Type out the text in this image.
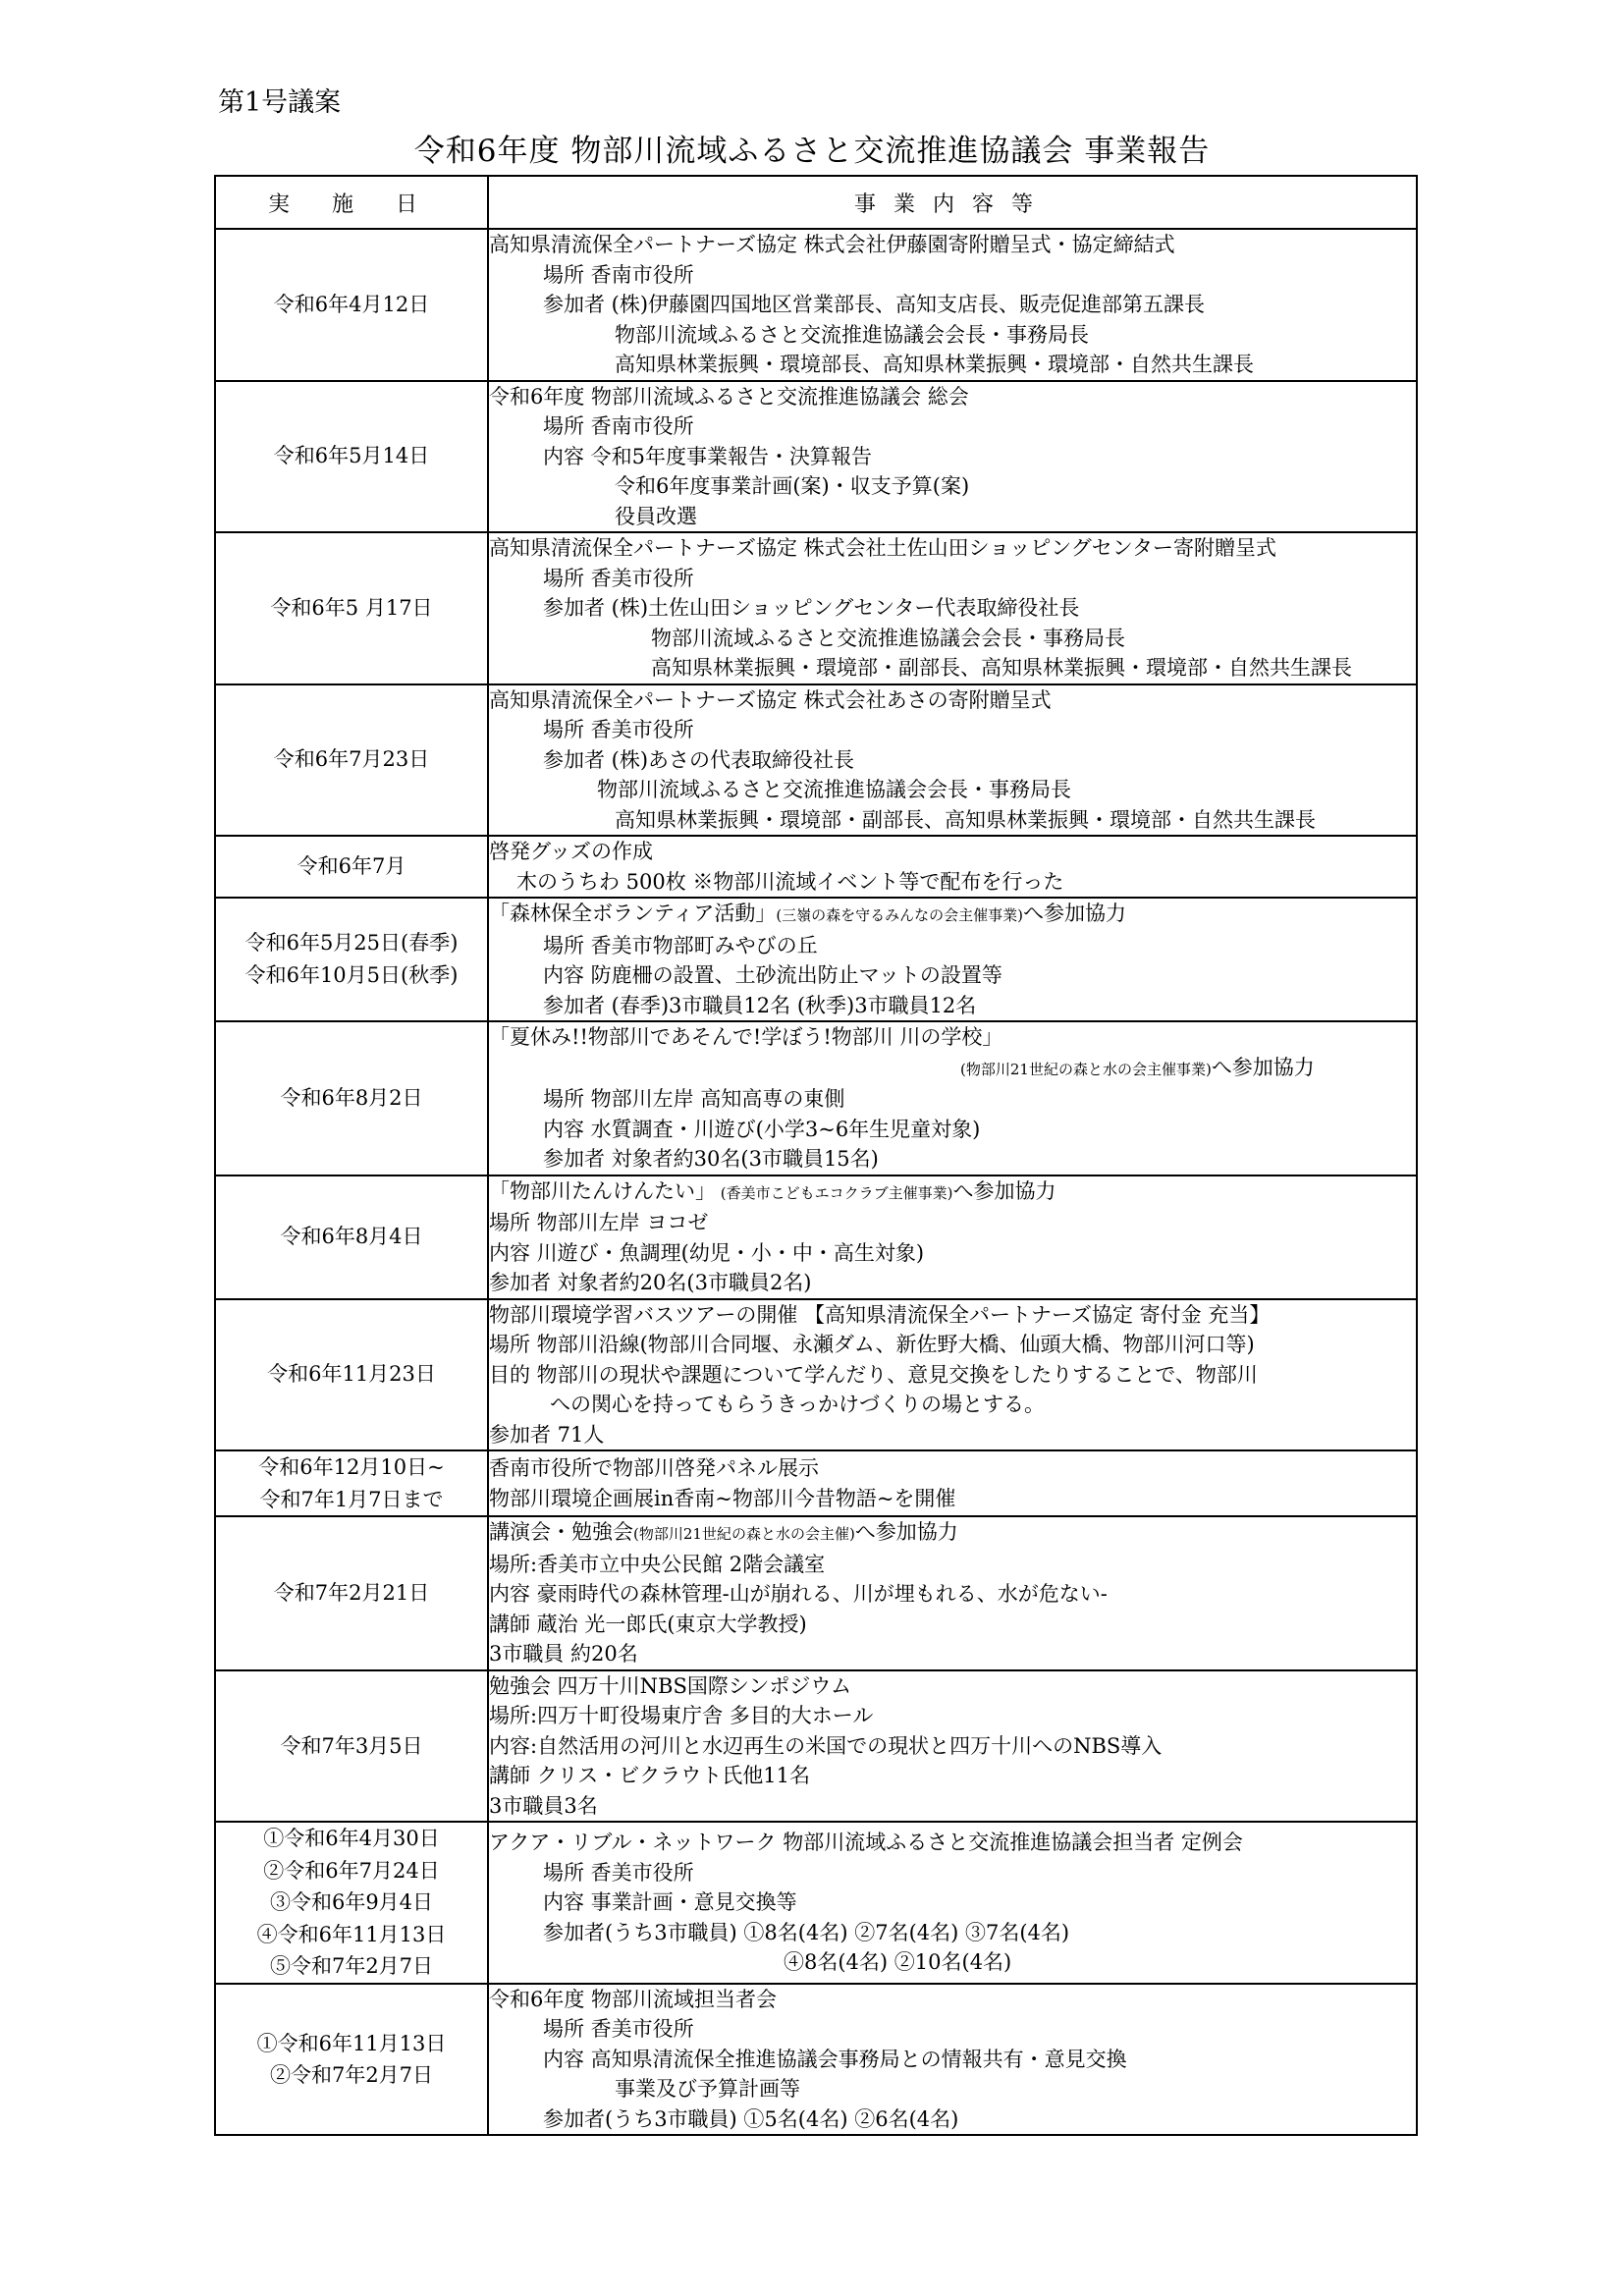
第1号議案
令和6年度 物部川流域ふるさと交流推進協議会 事業報告
実 施 日	事業内容等

令和6年4月12日	高知県清流保全パートナーズ協定 株式会社伊藤園寄附贈呈式・協定締結式
場所 香南市役所
参加者 (株)伊藤園四国地区営業部長、高知支店長、販売促進部第五課長
物部川流域ふるさと交流推進協議会会長・事務局長
高知県林業振興・環境部長、高知県林業振興・環境部・自然共生課長

令和6年5月14日	令和6年度 物部川流域ふるさと交流推進協議会 総会
場所 香南市役所
内容 令和5年度事業報告・決算報告
令和6年度事業計画(案)・収支予算(案)
役員改選

令和6年5 月17日	高知県清流保全パートナーズ協定 株式会社土佐山田ショッピングセンター寄附贈呈式
場所 香美市役所
参加者 (株)土佐山田ショッピングセンター代表取締役社長
物部川流域ふるさと交流推進協議会会長・事務局長
高知県林業振興・環境部・副部長、高知県林業振興・環境部・自然共生課長

令和6年7月23日	高知県清流保全パートナーズ協定 株式会社あさの寄附贈呈式
場所 香美市役所
参加者 (株)あさの代表取締役社長
物部川流域ふるさと交流推進協議会会長・事務局長
高知県林業振興・環境部・副部長、高知県林業振興・環境部・自然共生課長

令和6年7月	啓発グッズの作成
木のうちわ 500枚 ※物部川流域イベント等で配布を行った

令和6年5月25日(春季)
令和6年10月5日(秋季)	「森林保全ボランティア活動」(三嶺の森を守るみんなの会主催事業)へ参加協力
場所 香美市物部町みやびの丘
内容 防鹿柵の設置、土砂流出防止マットの設置等
参加者 (春季)3市職員12名 (秋季)3市職員12名

令和6年8月2日	「夏休み!!物部川であそんで!学ぼう!物部川 川の学校」
(物部川21世紀の森と水の会主催事業)へ参加協力
場所 物部川左岸 高知高専の東側
内容 水質調査・川遊び(小学3~6年生児童対象)
参加者 対象者約30名(3市職員15名)

令和6年8月4日	「物部川たんけんたい」 (香美市こどもエコクラブ主催事業)へ参加協力
場所 物部川左岸 ヨコゼ
内容 川遊び・魚調理(幼児・小・中・高生対象)
参加者 対象者約20名(3市職員2名)

令和6年11月23日	物部川環境学習バスツアーの開催 【高知県清流保全パートナーズ協定 寄付金 充当】
場所 物部川沿線(物部川合同堰、永瀬ダム、新佐野大橋、仙頭大橋、物部川河口等)
目的 物部川の現状や課題について学んだり、意見交換をしたりすることで、物部川
への関心を持ってもらうきっかけづくりの場とする。
参加者 71人

令和6年12月10日~
令和7年1月7日まで	香南市役所で物部川啓発パネル展示
物部川環境企画展in香南~物部川今昔物語~を開催

令和7年2月21日	講演会・勉強会(物部川21世紀の森と水の会主催)へ参加協力
場所:香美市立中央公民館 2階会議室
内容 豪雨時代の森林管理-山が崩れる、川が埋もれる、水が危ない-
講師 蔵治 光一郎氏(東京大学教授)
3市職員 約20名

令和7年3月5日	勉強会 四万十川NBS国際シンポジウム
場所:四万十町役場東庁舎 多目的大ホール
内容:自然活用の河川と水辺再生の米国での現状と四万十川へのNBS導入
講師 クリス・ビクラウト氏他11名
3市職員3名

①令和6年4月30日
②令和6年7月24日
③令和6年9月4日
④令和6年11月13日
⑤令和7年2月7日	アクア・リブル・ネットワーク 物部川流域ふるさと交流推進協議会担当者 定例会
場所 香美市役所
内容 事業計画・意見交換等
参加者(うち3市職員) ①8名(4名) ②7名(4名) ③7名(4名)
④8名(4名) ②10名(4名)

①令和6年11月13日
②令和7年2月7日	令和6年度 物部川流域担当者会
場所 香美市役所
内容 高知県清流保全推進協議会事務局との情報共有・意見交換
事業及び予算計画等
参加者(うち3市職員) ①5名(4名) ②6名(4名)
